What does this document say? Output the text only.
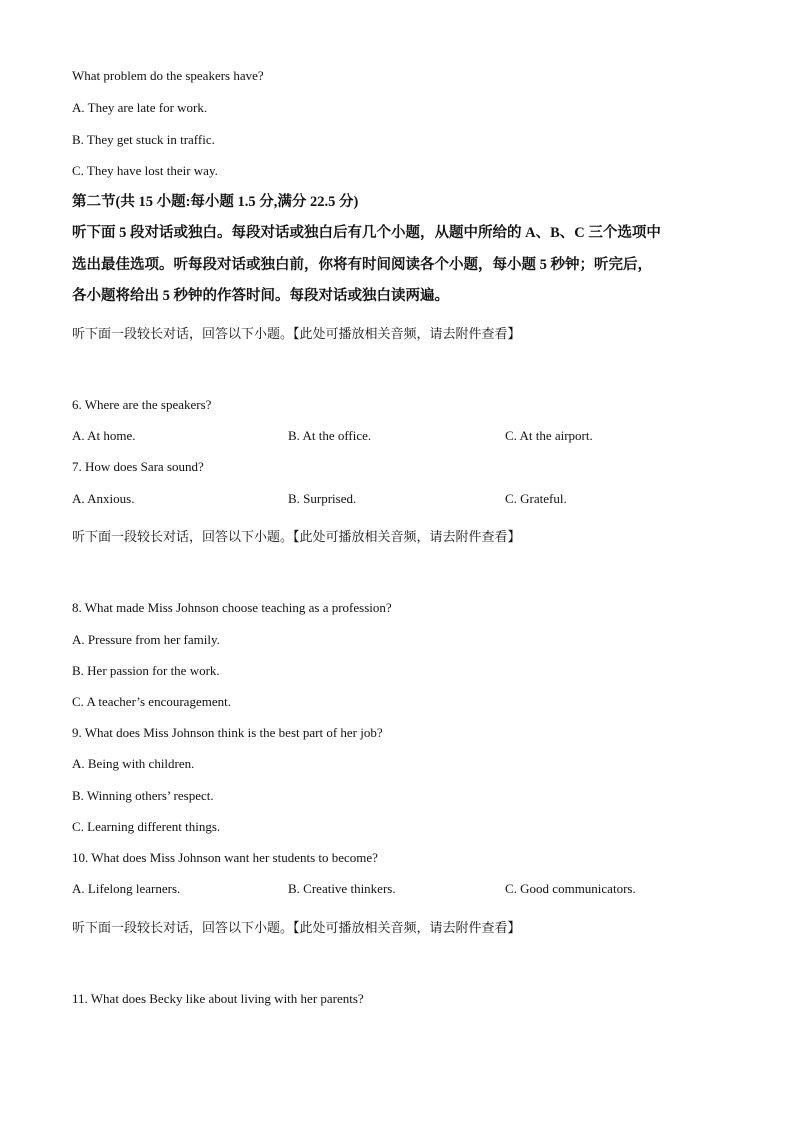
What problem do the speakers have?
A. They are late for work.
B. They get stuck in traffic.
C. They have lost their way.
第二节(共 15 小题:每小题 1.5 分,满分 22.5 分)
听下面 5 段对话或独白。每段对话或独白后有几个小题，从题中所给的 A、B、C 三个选项中
选出最佳选项。听每段对话或独白前，你将有时间阅读各个小题，每小题 5 秒钟；听完后，
各小题将给出 5 秒钟的作答时间。每段对话或独白读两遍。
听下面一段较长对话，回答以下小题。【此处可播放相关音频，请去附件查看】
6. Where are the speakers?
A. At home.	B. At the office.	C. At the airport.
7. How does Sara sound?
A. Anxious.	B. Surprised.	C. Grateful.
听下面一段较长对话，回答以下小题。【此处可播放相关音频，请去附件查看】
8. What made Miss Johnson choose teaching as a profession?
A. Pressure from her family.
B. Her passion for the work.
C. A teacher’s encouragement.
9. What does Miss Johnson think is the best part of her job?
A. Being with children.
B. Winning others’ respect.
C. Learning different things.
10. What does Miss Johnson want her students to become?
A. Lifelong learners.	B. Creative thinkers.	C. Good communicators.
听下面一段较长对话，回答以下小题。【此处可播放相关音频，请去附件查看】
11. What does Becky like about living with her parents?
